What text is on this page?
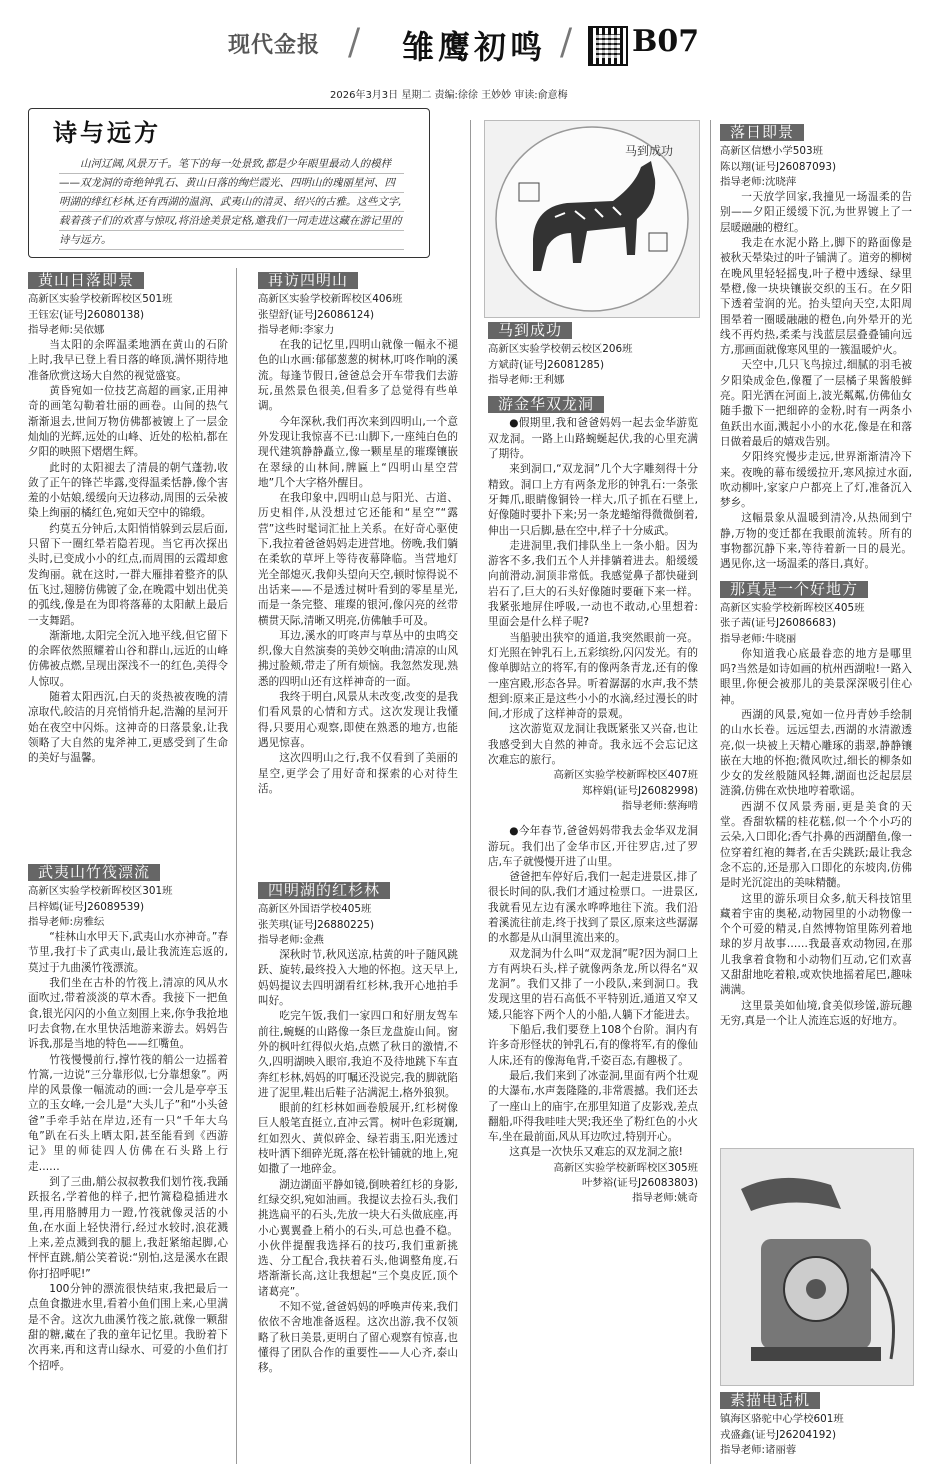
现代金报 / 雏鹰初鸣 / B07
2026年3月3日 星期二 责编:徐徐 王妙妙 审读:俞意梅
诗与远方

山河辽阔,风景万千。笔下的每一处景致,都是少年眼里最动人的模样——双龙洞的奇绝钟乳石、黄山日落的绚烂霞光、四明山的瑰丽星河、四明湖的绯红杉林,还有西湖的温润、武夷山的清灵、绍兴的古雅。这些文字,载着孩子们的欢喜与惊叹,将沿途美景定格,邀我们一同走进这藏在游记里的诗与远方。

黄山日落即景

高新区实验学校新晖校区501班

王钰宏(证号J26080138)

指导老师:吴依娜

当太阳的余晖温柔地洒在黄山的石阶上时,我早已登上看日落的峰顶,满怀期待地准备欣赏这场大自然的视觉盛宴。

黄昏宛如一位技艺高超的画家,正用神奇的画笔勾勒着壮丽的画卷。山间的热气渐渐退去,世间万物仿佛都被镀上了一层金灿灿的光辉,远处的山峰、近处的松柏,都在夕阳的映照下熠熠生辉。

此时的太阳褪去了清晨的朝气蓬勃,收敛了正午的锋芒毕露,变得温柔恬静,像个害羞的小姑娘,缓缓向天边移动,周围的云朵被染上绚丽的橘红色,宛如天空中的锦缎。

约莫五分钟后,太阳悄悄躲到云层后面,只留下一圈红晕若隐若现。当它再次探出头时,已变成小小的红点,而周围的云霞却愈发绚丽。就在这时,一群大雁排着整齐的队伍飞过,翅膀仿佛镀了金,在晚霞中划出优美的弧线,像是在为即将落幕的太阳献上最后一支舞蹈。

渐渐地,太阳完全沉入地平线,但它留下的余晖依然照耀着山谷和群山,远近的山峰仿佛被点燃,呈现出深浅不一的红色,美得令人惊叹。

随着太阳西沉,白天的炎热被夜晚的清凉取代,皎洁的月亮悄悄升起,浩瀚的星河开始在夜空中闪烁。这神奇的日落景象,让我领略了大自然的鬼斧神工,更感受到了生命的美好与温馨。

武夷山竹筏漂流

高新区实验学校新晖校区301班

吕梓嫣(证号J26089539)

指导老师:房雅纭

“桂林山水甲天下,武夷山水亦神奇。”春节里,我打卡了武夷山,最让我流连忘返的,莫过于九曲溪竹筏漂流。

我们坐在古朴的竹筏上,清凉的风从水面吹过,带着淡淡的草木香。我接下一把鱼食,银光闪闪的小鱼立刻围上来,你争我抢地叼去食物,在水里快活地游来游去。妈妈告诉我,那是当地的特色——红嘴鱼。

竹筏慢慢前行,撑竹筏的艄公一边摇着竹篙,一边说“三分靠形似,七分靠想象”。两岸的风景像一幅流动的画:一会儿是亭亭玉立的玉女峰,一会儿是“大头儿子”和“小头爸爸”手牵手站在岸边,还有一只“千年大乌龟”趴在石头上晒太阳,甚至能看到《西游记》里的师徒四人仿佛在石头路上行走……

到了三曲,艄公叔叔教我们划竹筏,我踊跃报名,学着他的样子,把竹篙稳稳插进水里,再用胳膊用力一蹬,竹筏就像灵活的小鱼,在水面上轻快滑行,经过水较时,浪花溅上来,差点溅到我的腿上,我赶紧缩起脚,心怦怦直跳,艄公笑着说:“别怕,这是溪水在跟你打招呼呢!”

100分钟的漂流很快结束,我把最后一点鱼食撒进水里,看着小鱼们围上来,心里满是不舍。这次九曲溪竹筏之旅,就像一颗甜甜的糖,藏在了我的童年记忆里。我盼着下次再来,再和这青山绿水、可爱的小鱼们打个招呼。

再访四明山

高新区实验学校新晖校区406班

张望舒(证号J26086124)

指导老师:李家力

在我的记忆里,四明山就像一幅永不褪色的山水画:郁郁葱葱的树林,叮咚作响的溪流。每逢节假日,爸爸总会开车带我们去游玩,虽然景色很美,但看多了总觉得有些单调。

今年深秋,我们再次来到四明山,一个意外发现让我惊喜不已:山脚下,一座纯白色的现代建筑静静矗立,像一颗星星的璀璨镶嵌在翠绿的山林间,牌匾上“四明山星空营地”几个大字格外醒目。

在我印象中,四明山总与阳光、古道、历史相伴,从没想过它还能和“星空”“露营”这些时髦词汇扯上关系。在好奇心驱使下,我拉着爸爸妈妈走进营地。傍晚,我们躺在柔软的草坪上等待夜幕降临。当营地灯光全部熄灭,我仰头望向天空,顿时惊得说不出话来——不是透过树叶看到的零星星光,而是一条完整、璀璨的银河,像闪亮的丝带横贯天际,清晰又明亮,仿佛触手可及。

耳边,溪水的叮咚声与草丛中的虫鸣交织,像大自然演奏的美妙交响曲;清凉的山风拂过脸颊,带走了所有烦恼。我忽然发现,熟悉的四明山还有这样神奇的一面。

我终于明白,风景从未改变,改变的是我们看风景的心情和方式。这次发现让我懂得,只要用心观察,即使在熟悉的地方,也能遇见惊喜。

这次四明山之行,我不仅看到了美丽的星空,更学会了用好奇和探索的心对待生活。

四明湖的红杉林

高新区外国语学校405班

张芙琪(证号J26880225)

指导老师:金燕

深秋时节,秋风送凉,枯黄的叶子随风跳跃、旋转,最终投入大地的怀抱。这天早上,妈妈提议去四明湖看红杉林,我开心地拍手叫好。

吃完午饭,我们一家四口和好朋友驾车前往,蜿蜒的山路像一条巨龙盘旋山间。窗外的枫叶红得似火焰,点燃了秋日的激情,不久,四明湖映入眼帘,我迫不及待地跳下车直奔红杉林,妈妈的叮嘱还没说完,我的脚就陷进了泥里,鞋出后鞋子沾满泥土,格外狼狈。

眼前的红杉林如画卷般展开,红杉树像巨人般笔直挺立,直冲云霄。树叶色彩斑斓,红如烈火、黄似碎金、绿若翡玉,阳光透过枝叶洒下细碎光斑,落在松针铺就的地上,宛如撒了一地碎金。

湖边湖面平静如镜,倒映着红杉的身影,红绿交织,宛如油画。我提议去捡石头,我们挑选扁平的石头,先放一块大石头做底座,再小心翼翼叠上稍小的石头,可总也叠不稳。小伙伴提醒我选择石的技巧,我们重新挑选、分工配合,我扶着石头,他调整角度,石塔渐渐长高,这让我想起“三个臭皮匠,顶个诸葛亮”。

不知不觉,爸爸妈妈的呼唤声传来,我们依依不舍地准备返程。这次出游,我不仅领略了秋日美景,更明白了留心观察有惊喜,也懂得了团队合作的重要性——人心齐,泰山移。

马到成功
马到成功

高新区实验学校朝云校区206班

方斌莳(证号J26081285)

指导老师:王利娜

游金华双龙洞

●假期里,我和爸爸妈妈一起去金华游览双龙洞。一路上山路蜿蜒起伏,我的心里充满了期待。

来到洞口,“双龙洞”几个大字雕刻得十分精致。洞口上方有两条龙形的钟乳石:一条张牙舞爪,眼睛像铜铃一样大,爪子抓在石壁上,好像随时要扑下来;另一条龙蜷缩得微微倒着,伸出一只后脚,悬在空中,样子十分威武。

走进洞里,我们排队坐上一条小船。因为游客不多,我们五个人并排躺着进去。船缓缓向前滑动,洞顶非常低。我感觉鼻子都快碰到岩石了,巨大的石头好像随时要砸下来一样。我紧张地屏住呼吸,一动也不敢动,心里想着:里面会是什么样子呢?

当船驶出狭窄的通道,我突然眼前一亮。灯光照在钟乳石上,五彩缤纷,闪闪发光。有的像单脚站立的将军,有的像两条青龙,还有的像一座宫殿,形态各异。听着潺潺的水声,我不禁想到:原来正是这些小小的水滴,经过漫长的时间,才形成了这样神奇的景观。

这次游览双龙洞让我既紧张又兴奋,也让我感受到大自然的神奇。我永远不会忘记这次难忘的旅行。

高新区实验学校新晖校区407班

郑梓娟(证号J26082998)

指导老师:蔡海啃

●今年春节,爸爸妈妈带我去金华双龙洞游玩。我们出了金华市区,开往罗店,过了罗店,车子就慢慢开进了山里。

爸爸把车停好后,我们一起走进景区,排了很长时间的队,我们才通过检票口。一进景区,我就看见左边有溪水哗哗地往下流。我们沿着溪流往前走,终于找到了景区,原来这些潺潺的水都是从山洞里流出来的。

双龙洞为什么叫“双龙洞”呢?因为洞口上方有两块石头,样子就像两条龙,所以得名“双龙洞”。我们又排了一小段队,来到洞口。我发现这里的岩石高低不平特别近,通道又窄又矮,只能容下两个人的小船,人躺下才能进去。

下船后,我们要登上108个台阶。洞内有许多奇形怪状的钟乳石,有的像将军,有的像仙人床,还有的像海龟背,千姿百态,有趣极了。

最后,我们来到了冰壶洞,里面有两个壮观的大瀑布,水声轰隆隆的,非常震撼。我们还去了一座山上的庙宇,在那里知道了皮影戏,差点翻船,吓得我哇哇大哭;我还坐了粉红色的小火车,坐在最前面,风从耳边吹过,特别开心。

这真是一次快乐又难忘的双龙洞之旅!

高新区实验学校新晖校区305班

叶梦裕(证号J26083803)

指导老师:姚奇

落日即景

高新区信懋小学503班

陈以翔(证号J26087093)

指导老师:沈晓萍

一天放学回家,我撞见一场温柔的告别——夕阳正缓缓下沉,为世界镀上了一层暖融融的橙红。

我走在水泥小路上,脚下的路面像是被秋天晕染过的叶子铺满了。道旁的柳树在晚风里轻轻摇曳,叶子橙中透绿、绿里晕橙,像一块块镶嵌交织的玉石。在夕阳下透着莹润的光。抬头望向天空,太阳周围晕着一圈暖融融的橙色,向外晕开的光线不再灼热,柔柔与浅蓝层层叠叠铺向远方,那画面就像寒风里的一簇温暖炉火。

天空中,几只飞鸟掠过,细腻的羽毛被夕阳染成金色,像覆了一层橘子果酱般鲜亮。阳光洒在河面上,波光粼粼,仿佛仙女随手撒下一把细碎的金粉,时有一两条小鱼跃出水面,溅起小小的水花,像是在和落日做着最后的嬉戏告别。

夕阳终究慢步走远,世界渐渐清冷下来。夜晚的幕布缓缓拉开,寒风掠过水面,吹动柳叶,家家户户都亮上了灯,准备沉入梦乡。

这幅景象从温暖到清冷,从热闹到宁静,万物的变迁都在我眼前流转。所有的事物都沉静下来,等待着新一日的晨光。遇见你,这一场温柔的落日,真好。

那真是一个好地方

高新区实验学校新晖校区405班

张子茜(证号J26086683)

指导老师:牛晓丽

你知道我心底最眷恋的地方是哪里吗?当然是如诗如画的杭州西湖啦!一路入眼里,你便会被那儿的美景深深吸引住心神。

西湖的风景,宛如一位丹青妙手绘制的山水长卷。远远望去,西湖的水清澈透亮,似一块被上天精心雕琢的翡翠,静静镶嵌在大地的怀抱;微风吹过,细长的柳条如少女的发丝般随风轻舞,湖面也泛起层层涟漪,仿佛在欢快地哼着歌谣。

西湖不仅风景秀丽,更是美食的天堂。香甜软糯的桂花糕,似一个个小巧的云朵,入口即化;香气扑鼻的西湖醋鱼,像一位穿着红袍的舞者,在舌尖跳跃;最让我念念不忘的,还是那入口即化的东坡肉,仿佛是时光沉淀出的美味精髓。

这里的游乐项目众多,航天科技馆里藏着宇宙的奥秘,动物园里的小动物像一个个可爱的精灵,自然博物馆里陈列着地球的岁月故事……我最喜欢动物园,在那儿我拿着食物和小动物们互动,它们欢喜又甜甜地吃着粮,或欢快地摇着尾巴,趣味满满。

这里景美如仙境,食美似珍馐,游玩趣无穷,真是一个让人流连忘返的好地方。

素描电话机

镇海区骆驼中心学校601班

戎盛鑫(证号J26204192)

指导老师:诸丽蓉
